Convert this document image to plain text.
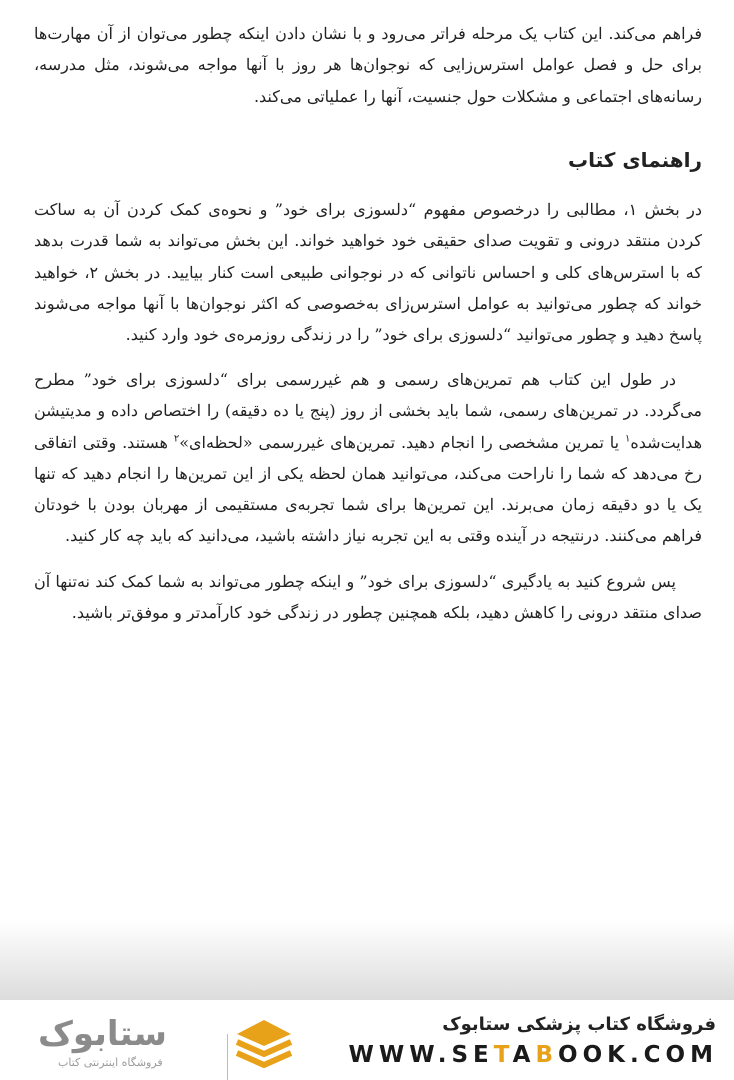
فراهم می‌کند. این کتاب یک مرحله فراتر می‌رود و با نشان دادن اینکه چطور می‌توان از آن مهارت‌ها برای حل و فصل عوامل استرس‌زایی که نوجوان‌ها هر روز با آنها مواجه می‌شوند، مثل مدرسه، رسانه‌های اجتماعی و مشکلات حول جنسیت، آنها را عملیاتی می‌کند.

راهنمای کتاب

در بخش ۱، مطالبی را درخصوص مفهوم “دلسوزی برای خود” و نحوه‌ی کمک کردن آن به ساکت کردن منتقد درونی و تقویت صدای حقیقی خود خواهید خواند. این بخش می‌تواند به شما قدرت بدهد که با استرس‌های کلی و احساس ناتوانی که در نوجوانی طبیعی است کنار بیایید. در بخش ۲، خواهید خواند که چطور می‌توانید به عوامل استرس‌زای به‌خصوصی که اکثر نوجوان‌ها با آنها مواجه می‌شوند پاسخ دهید و چطور می‌توانید “دلسوزی برای خود” را در زندگی روزمره‌ی خود وارد کنید.

در طول این کتاب هم تمرین‌های رسمی و هم غیررسمی برای “دلسوزی برای خود” مطرح می‌گردد. در تمرین‌های رسمی، شما باید بخشی از روز (پنج یا ده دقیقه) را اختصاص داده و مدیتیشن هدایت‌شده$^۱$ یا تمرین مشخصی را انجام دهید. تمرین‌های غیررسمی «لحظه‌ای»$^۲$ هستند. وقتی اتفاقی رخ می‌دهد که شما را ناراحت می‌کند، می‌توانید همان لحظه یکی از این تمرین‌ها را انجام دهید که تنها یک یا دو دقیقه زمان می‌برند. این تمرین‌ها برای شما تجربه‌ی مستقیمی از مهربان بودن با خودتان فراهم می‌کنند. درنتیجه در آینده وقتی به این تجربه نیاز داشته باشید، می‌دانید که باید چه کار کنید.

پس شروع کنید به یادگیری “دلسوزی برای خود” و اینکه چطور می‌تواند به شما کمک کند نه‌تنها آن صدای منتقد درونی را کاهش دهید، بلکه همچنین چطور در زندگی خود کارآمدتر و موفق‌تر باشید.

ستابوک
فروشگاه اینترنتی کتاب
فروشگاه کتاب پزشکی ستابوک
WWW.SETABOOK.COM
